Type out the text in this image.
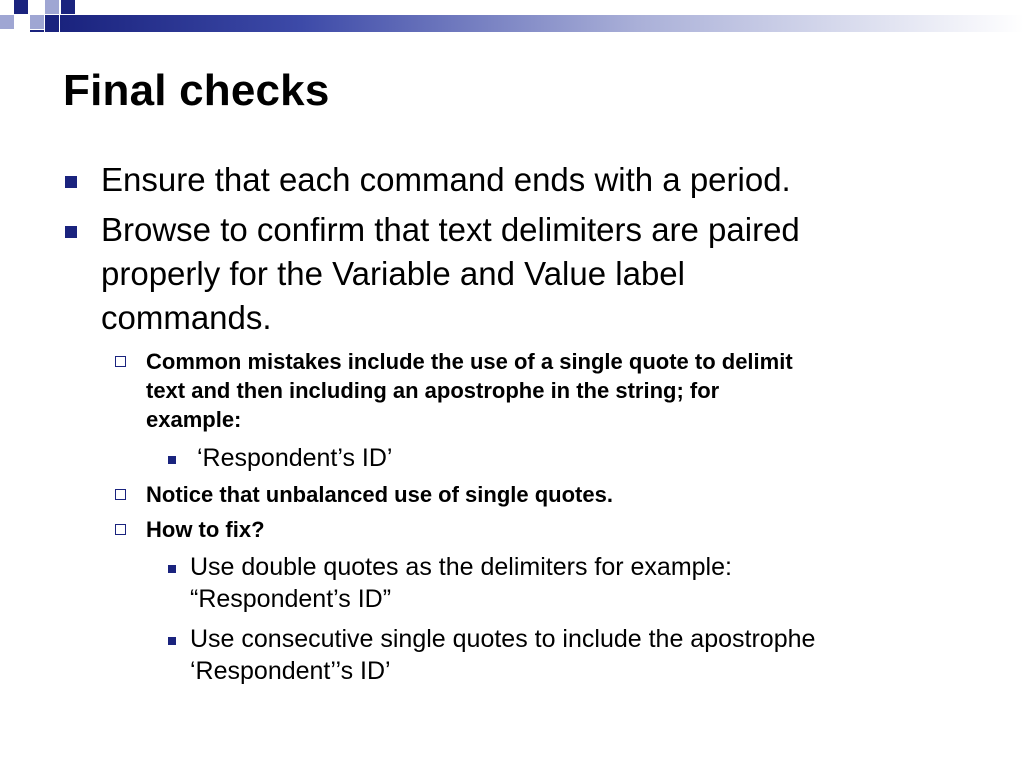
Final checks
Ensure that each command ends with a period.
Browse to confirm that text delimiters are paired
properly for the Variable and Value label
commands.
Common mistakes include the use of a single quote to delimit
text and then including an apostrophe in the string; for
example:
‘Respondent’s ID’
Notice that unbalanced use of single quotes.
How to fix?
Use double quotes as the delimiters for example:
“Respondent’s ID”
Use consecutive single quotes to include the apostrophe
‘Respondent’’s ID’
